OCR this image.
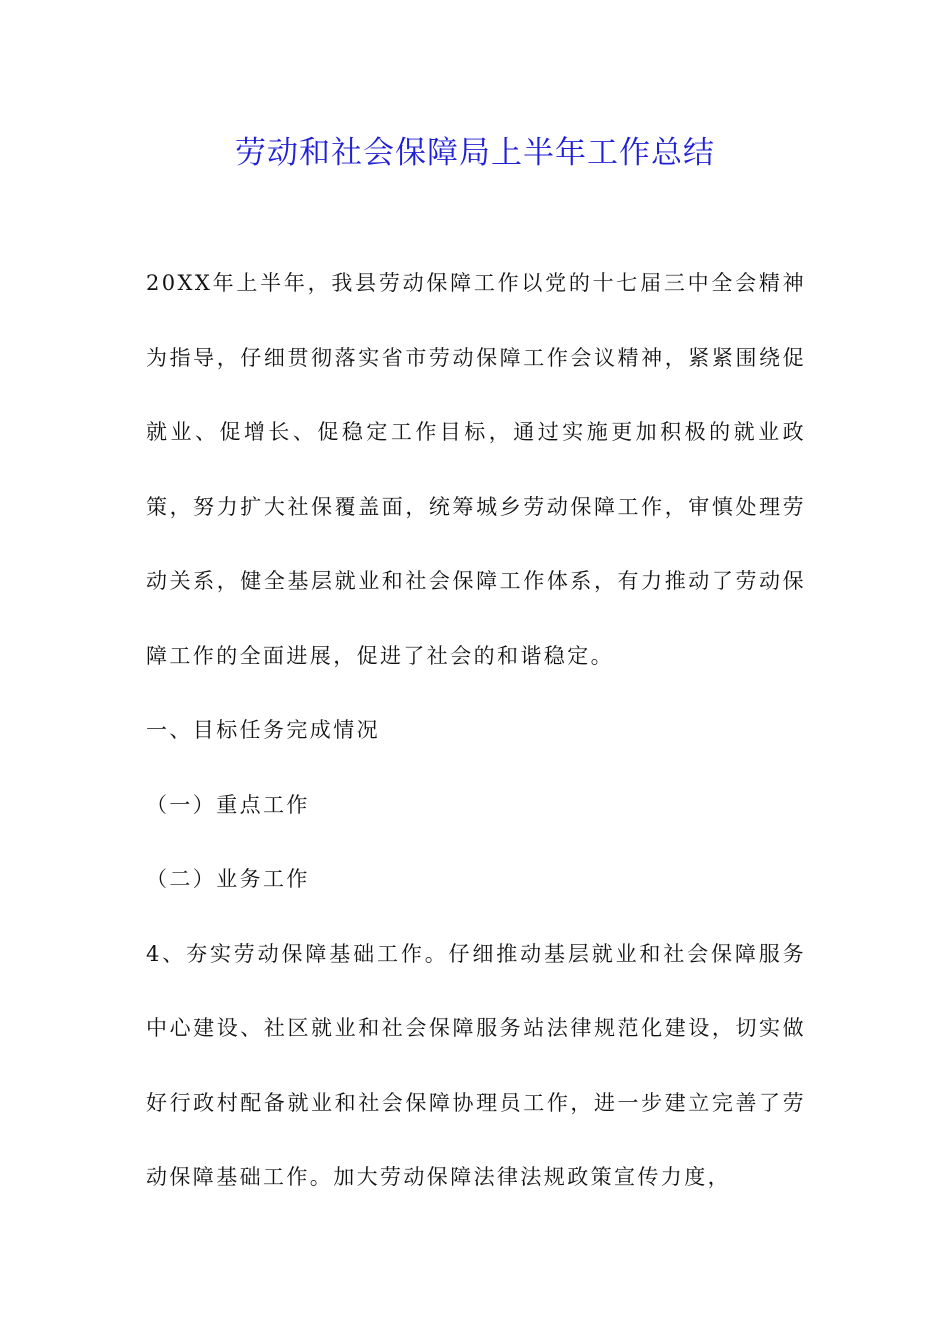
劳动和社会保障局上半年工作总结

20XX年上半年，我县劳动保障工作以党的十七届三中全会精神为指导，仔细贯彻落实省市劳动保障工作会议精神，紧紧围绕促就业、促增长、促稳定工作目标，通过实施更加积极的就业政策，努力扩大社保覆盖面，统筹城乡劳动保障工作，审慎处理劳动关系，健全基层就业和社会保障工作体系，有力推动了劳动保障工作的全面进展，促进了社会的和谐稳定。

一、目标任务完成情况

（一）重点工作

（二）业务工作

4、夯实劳动保障基础工作。仔细推动基层就业和社会保障服务中心建设、社区就业和社会保障服务站法律规范化建设，切实做好行政村配备就业和社会保障协理员工作，进一步建立完善了劳动保障基础工作。加大劳动保障法律法规政策宣传力度，
